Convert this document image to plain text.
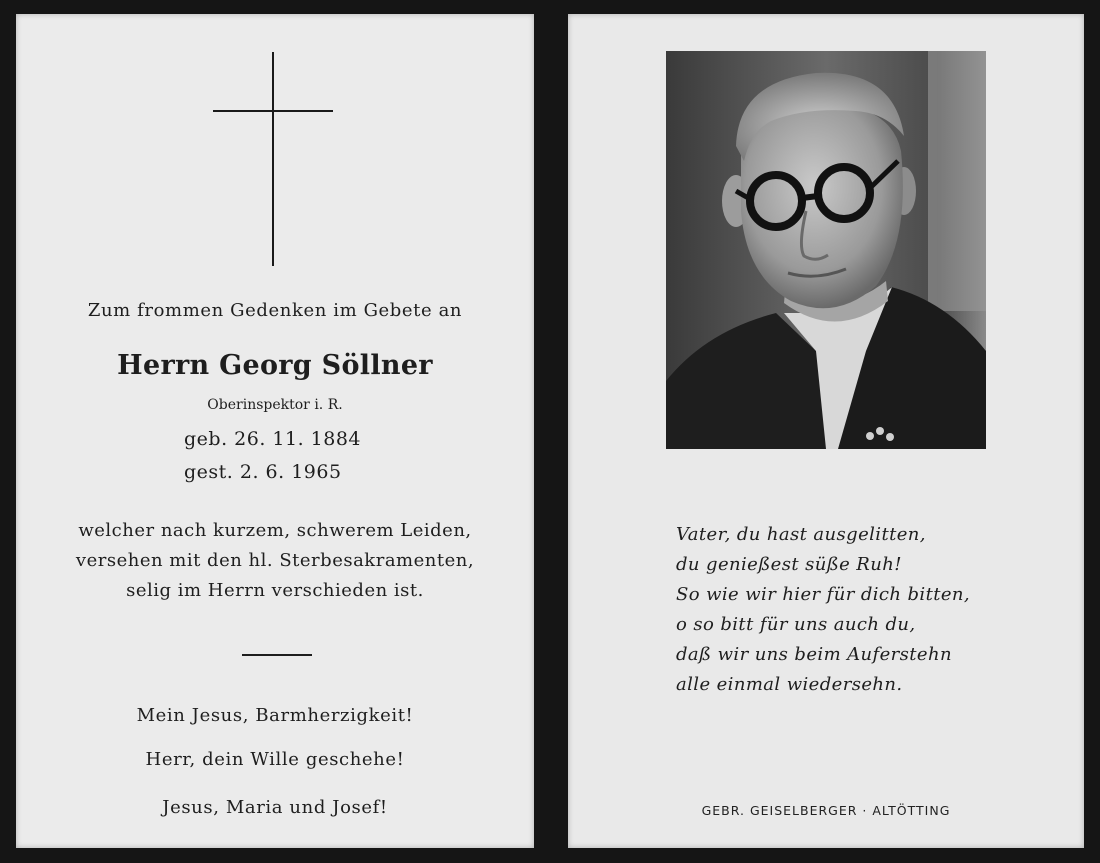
Zum frommen Gedenken im Gebete an
Herrn Georg Söllner
Oberinspektor i. R.
geb. 26. 11. 1884
gest. 2. 6. 1965
welcher nach kurzem, schwerem Leiden,
versehen mit den hl. Sterbesakramenten,
selig im Herrn verschieden ist.
Mein Jesus, Barmherzigkeit!
Herr, dein Wille geschehe!
Jesus, Maria und Josef!
Vater, du hast ausgelitten,
du genießest süße Ruh!
So wie wir hier für dich bitten,
o so bitt für uns auch du,
daß wir uns beim Auferstehn
alle einmal wiedersehn.
GEBR. GEISELBERGER · ALTÖTTING
